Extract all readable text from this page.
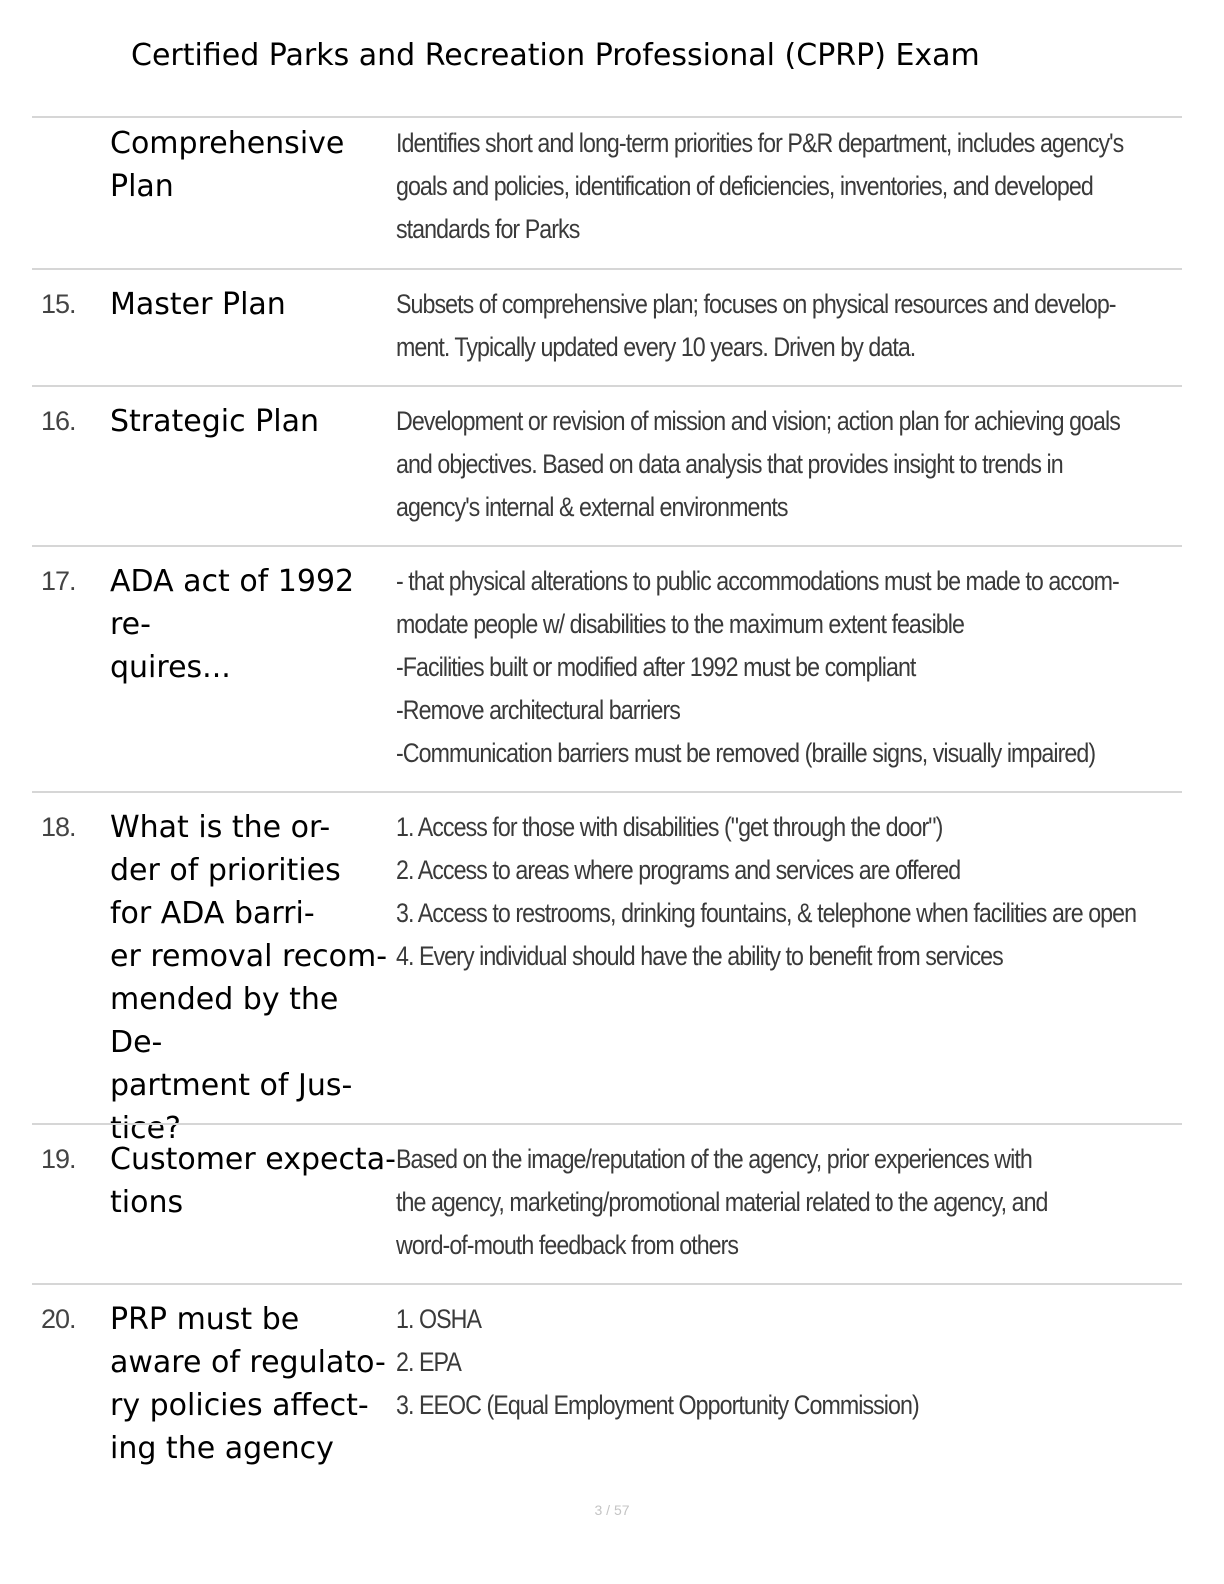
Certified Parks and Recreation Professional (CPRP) Exam
Comprehensive
Plan
Identifies short and long-term priorities for P&R department, includes agency's
goals and policies, identification of deficiencies, inventories, and developed
standards for Parks
15. Master Plan	Subsets of comprehensive plan; focuses on physical resources and develop-
ment. Typically updated every 10 years. Driven by data.
16. Strategic Plan	Development or revision of mission and vision; action plan for achieving goals
and objectives. Based on data analysis that provides insight to trends in
agency's internal & external environments
17. ADA act of 1992 re-
quires...
- that physical alterations to public accommodations must be made to accom-
modate people w/ disabilities to the maximum extent feasible
-Facilities built or modified after 1992 must be compliant
-Remove architectural barriers
-Communication barriers must be removed (braille signs, visually impaired)
18. What is the or-
der of priorities
for ADA barri-
er removal recom-
mended by the De-
partment of Jus-
tice?
1. Access for those with disabilities ("get through the door")
2. Access to areas where programs and services are offered
3. Access to restrooms, drinking fountains, & telephone when facilities are open
4. Every individual should have the ability to benefit from services
19. Customer expecta-
tions
Based on the image/reputation of the agency, prior experiences with
the agency, marketing/promotional material related to the agency, and
word-of-mouth feedback from others
20. PRP must be
aware of regulato-
ry policies affect-
ing the agency
1. OSHA
2. EPA
3. EEOC (Equal Employment Opportunity Commission)
3 / 57
